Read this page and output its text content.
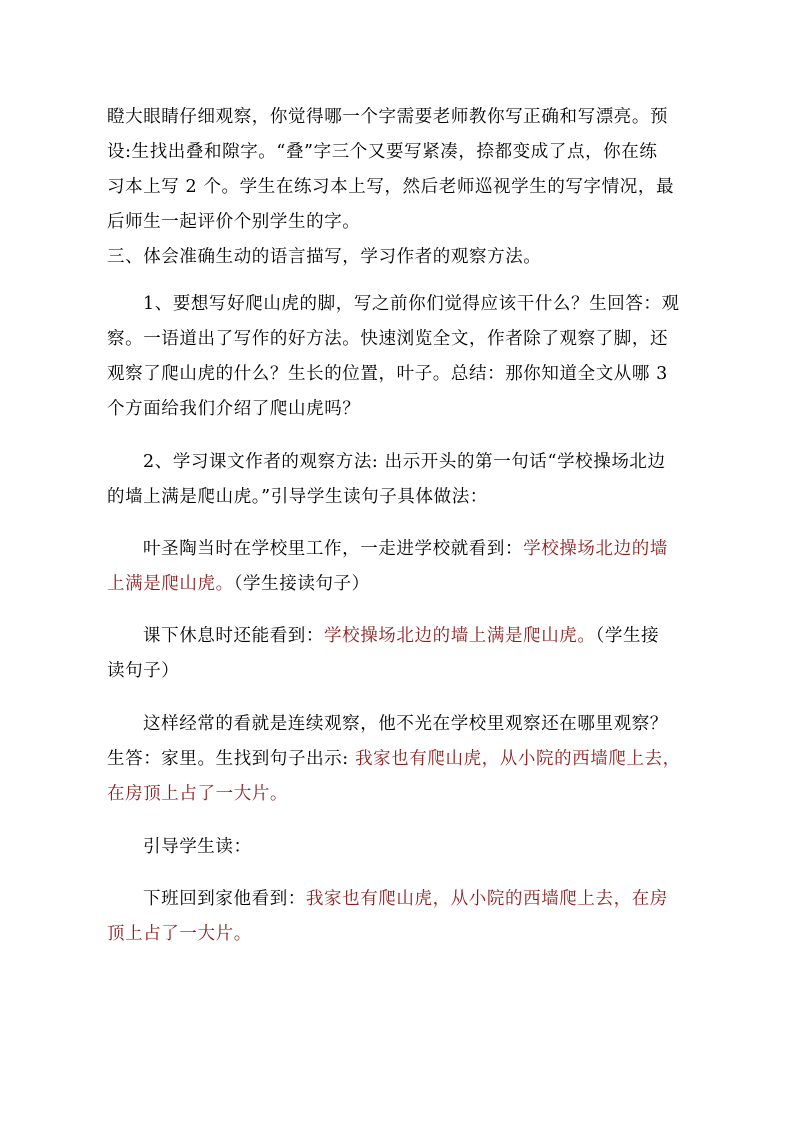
瞪大眼睛仔细观察，你觉得哪一个字需要老师教你写正确和写漂亮。预
设:生找出叠和隙字。“叠”字三个又要写紧凑，捺都变成了点，你在练
习本上写 2 个。学生在练习本上写，然后老师巡视学生的写字情况，最
后师生一起评价个别学生的字。
三、体会准确生动的语言描写，学习作者的观察方法。
1、要想写好爬山虎的脚，写之前你们觉得应该干什么？生回答：观
察。一语道出了写作的好方法。快速浏览全文，作者除了观察了脚，还
观察了爬山虎的什么？生长的位置，叶子。总结：那你知道全文从哪 3
个方面给我们介绍了爬山虎吗？
2、学习课文作者的观察方法: 出示开头的第一句话“学校操场北边
的墙上满是爬山虎。”引导学生读句子具体做法：
叶圣陶当时在学校里工作，一走进学校就看到：学校操场北边的墙
上满是爬山虎。（学生接读句子）
课下休息时还能看到：学校操场北边的墙上满是爬山虎。（学生接
读句子）
这样经常的看就是连续观察，他不光在学校里观察还在哪里观察？
生答：家里。生找到句子出示: 我家也有爬山虎，从小院的西墙爬上去，
在房顶上占了一大片。
引导学生读：
下班回到家他看到：我家也有爬山虎，从小院的西墙爬上去，在房
顶上占了一大片。
